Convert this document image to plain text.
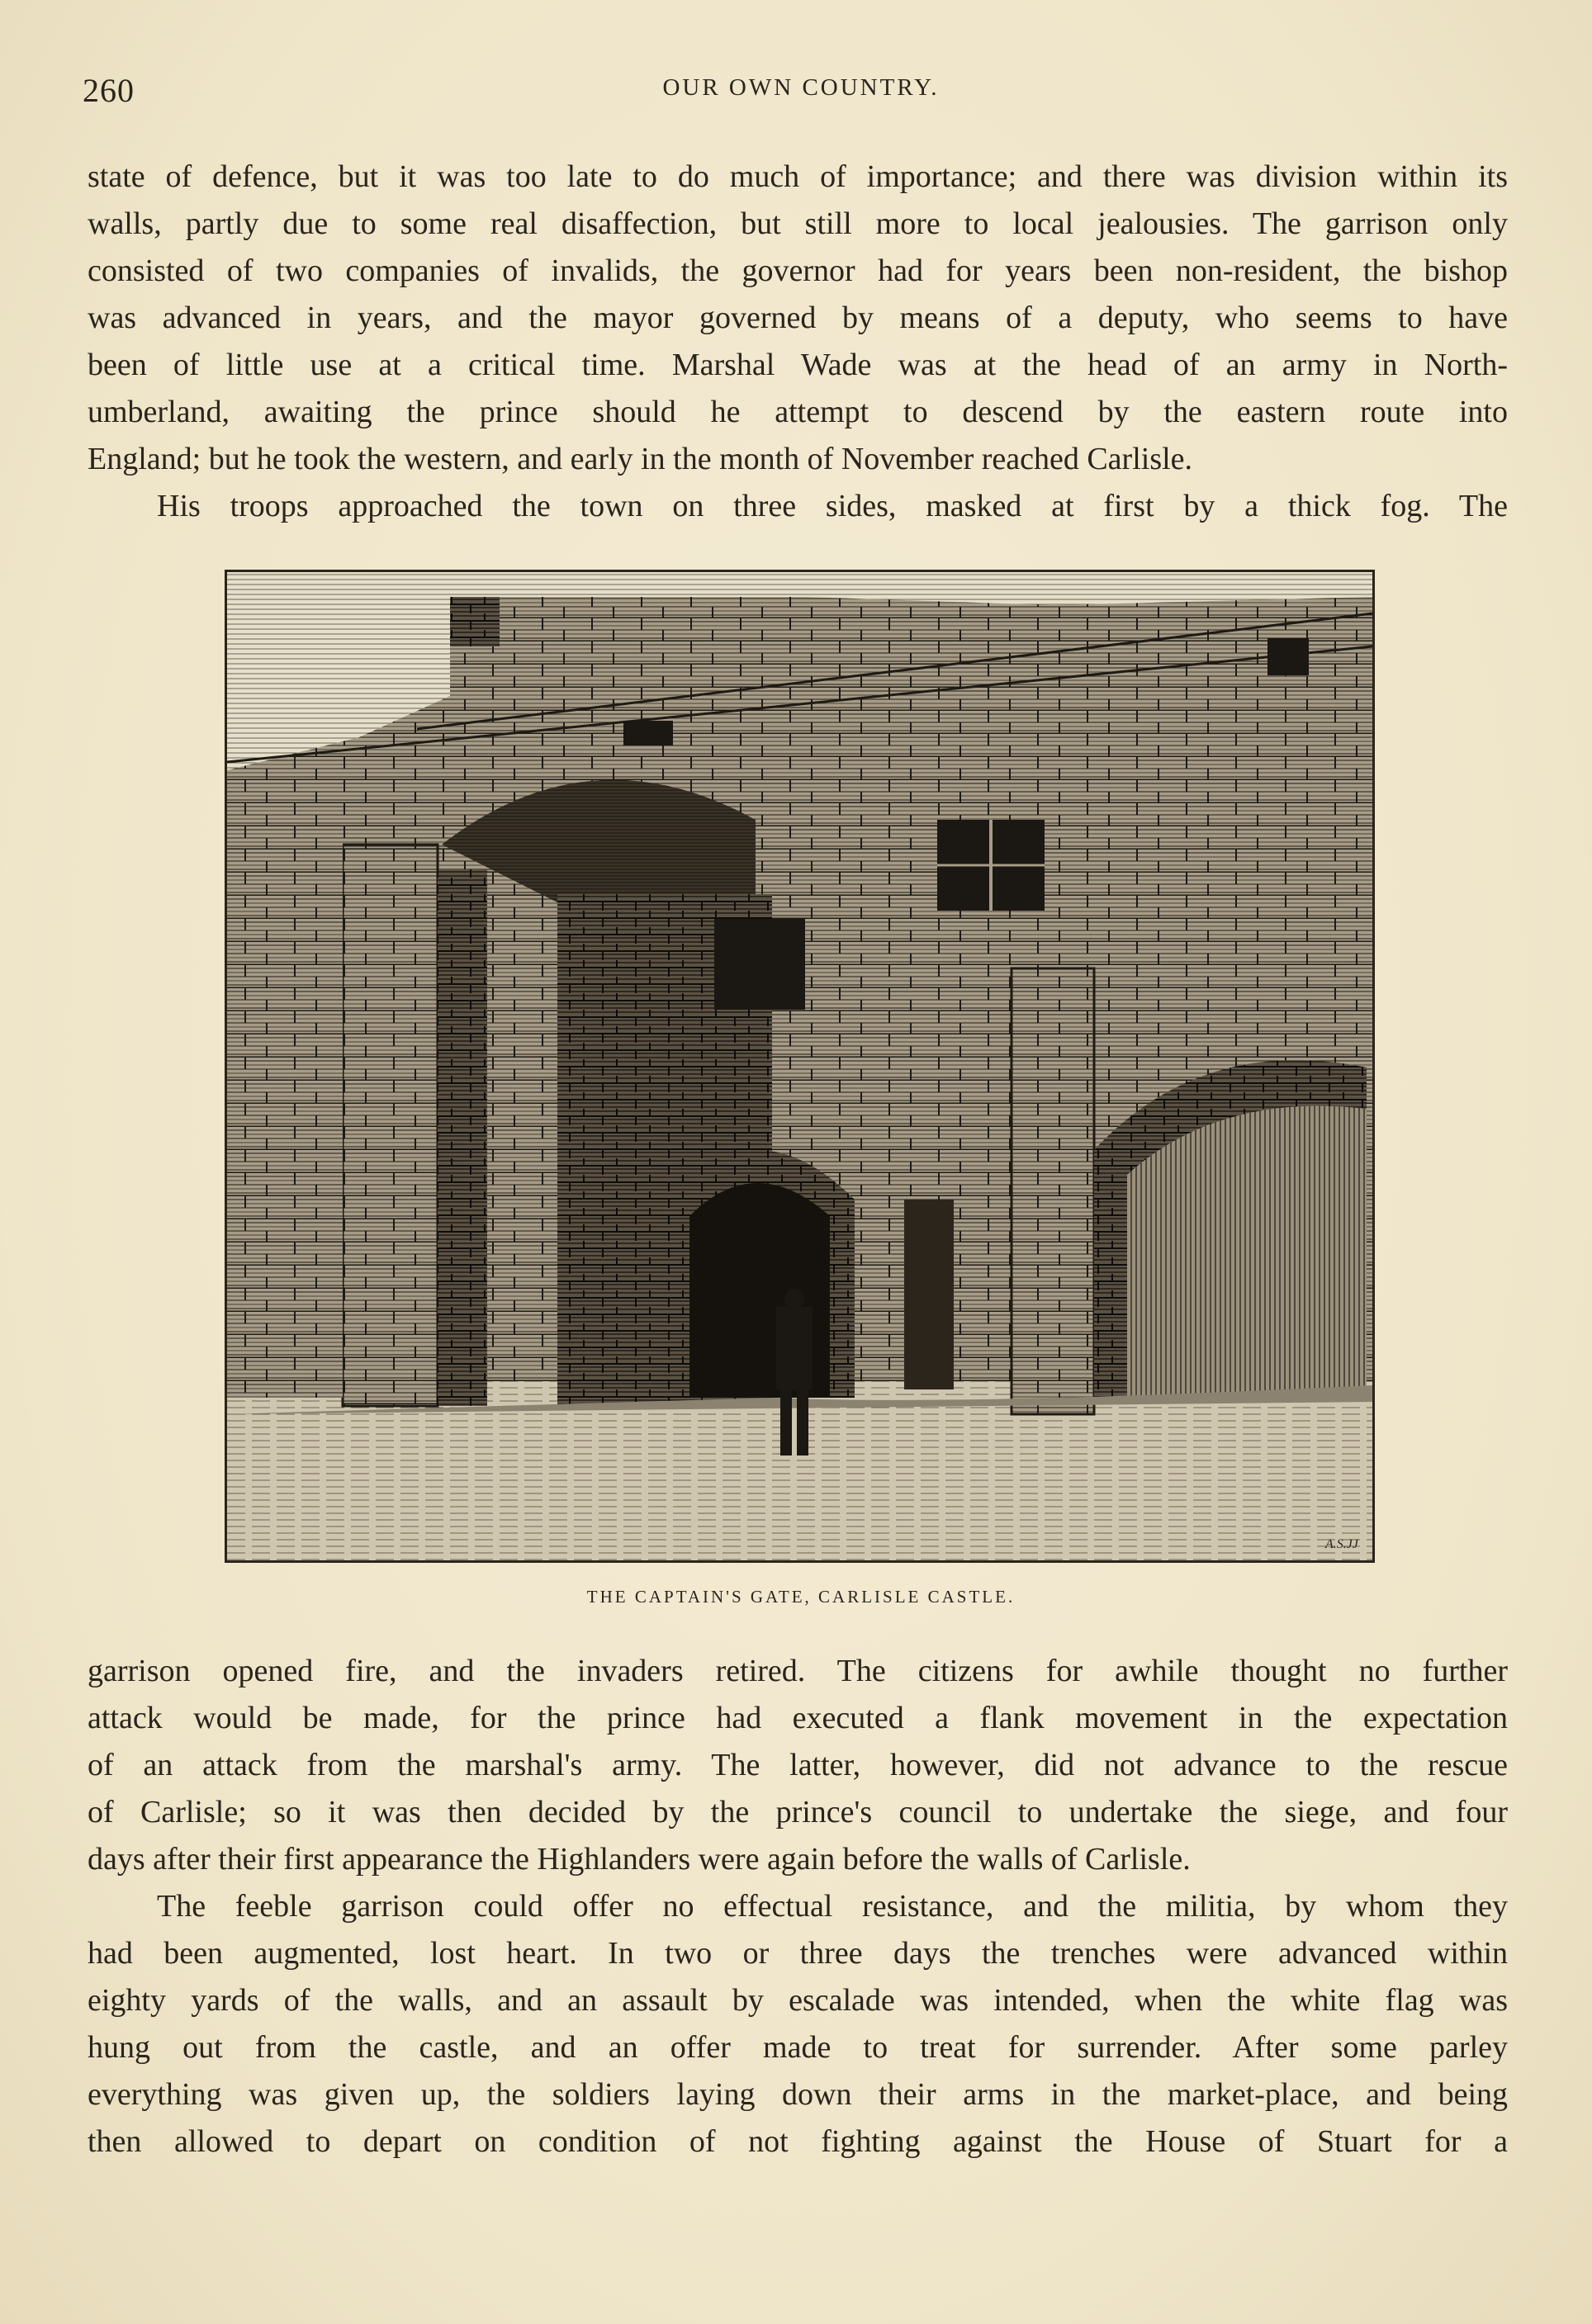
260	OUR OWN COUNTRY.
state of defence, but it was too late to do much of importance; and there was division within its
walls, partly due to some real disaffection, but still more to local jealousies. The garrison only
consisted of two companies of invalids, the governor had for years been non-resident, the bishop
was advanced in years, and the mayor governed by means of a deputy, who seems to have
been of little use at a critical time. Marshal Wade was at the head of an army in North-
umberland, awaiting the prince should he attempt to descend by the eastern route into
England; but he took the western, and early in the month of November reached Carlisle.
His troops approached the town on three sides, masked at first by a thick fog. The
A.S.JJ
THE CAPTAIN'S GATE, CARLISLE CASTLE.
garrison opened fire, and the invaders retired. The citizens for awhile thought no further
attack would be made, for the prince had executed a flank movement in the expectation
of an attack from the marshal's army. The latter, however, did not advance to the rescue
of Carlisle; so it was then decided by the prince's council to undertake the siege, and four
days after their first appearance the Highlanders were again before the walls of Carlisle.
The feeble garrison could offer no effectual resistance, and the militia, by whom they
had been augmented, lost heart. In two or three days the trenches were advanced within
eighty yards of the walls, and an assault by escalade was intended, when the white flag was
hung out from the castle, and an offer made to treat for surrender. After some parley
everything was given up, the soldiers laying down their arms in the market-place, and being
then allowed to depart on condition of not fighting against the House of Stuart for a
